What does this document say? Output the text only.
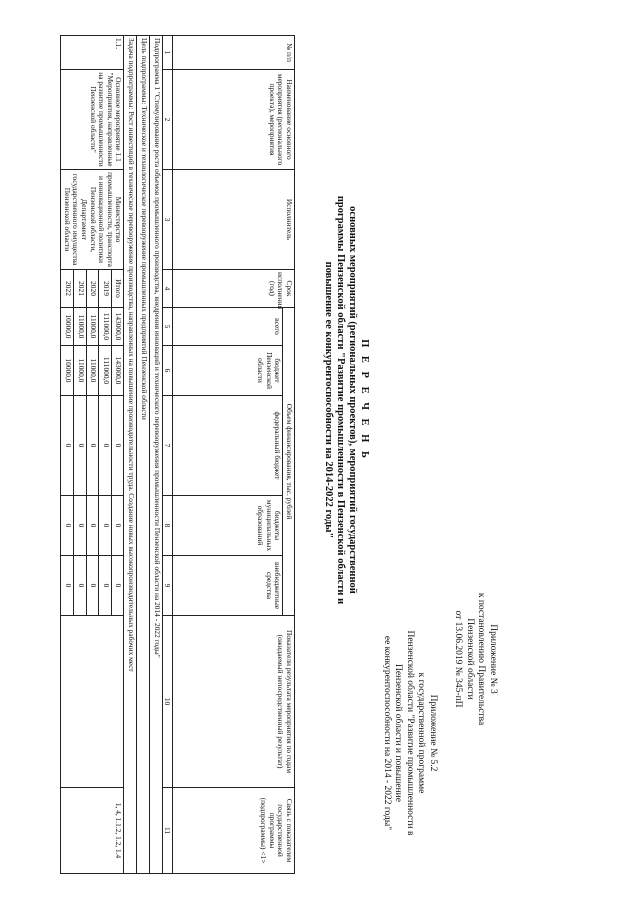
Приложение № 3
к постановлению Правительства
Пензенской области
от 13.06.2019 № 345-пП
Приложение № 5.2
к государственной программе
Пензенской области "Развитие промышленности в
Пензенской области и повышение
ее конкурентоспособности на 2014 - 2022 годы"
П Е Р Е Ч Е Н Ь
основных мероприятий (региональных проектов), мероприятий государственной
программы Пензенской области "Развитие промышленности в Пензенской области и
повышение ее конкурентоспособности на 2014-2022 годы"
№ п/п	Наименование основного мероприятия (регионального проекта), мероприятия	Исполнитель	Срок исполнения (год)	Объем финансирования, тыс. рублей					Показатели результата мероприятия по годам (ожидаемый непосредственный результат)	Связь с показателем государственной программы (подпрограммы) <1>
				всего	бюджет Пензенской области	федеральный бюджет	бюджеты муниципальных образований	внебюджетные средства		
1	2	3	4	5	6	7	8	9	10	11
Подпрограмма 1 "Стимулирование роста объемов промышленного производства, внедрения инноваций и технического перевооружения промышленности Пензенской области на 2014 - 2022 годы"										
Цель подпрограммы: Техническое и технологическое перевооружение промышленных предприятий Пензенской области										
Задача подпрограммы: Рост инвестиций в техническое перевооружение производства, направленных на повышение производительности труда. Создание новых высокопроизводительных рабочих мест										
1.1.	Основное мероприятие 1.1 "Мероприятия, направленные на развитие промышленности Пензенской области"	Министерство промышленности, транспорта и инновационной политики Пензенской области, Департамент государственного имущества Пензенской области	Итого	143000,0	143000,0	0	0	0		1, 4, 1.1.2, 1.2, 1.4
			2019	111000,0	111000,0	0	0	0		
			2020	11000,0	11000,0	0	0	0		
			2021	11000,0	11000,0	0	0	0		
			2022	10000,0	10000,0	0	0	0		
